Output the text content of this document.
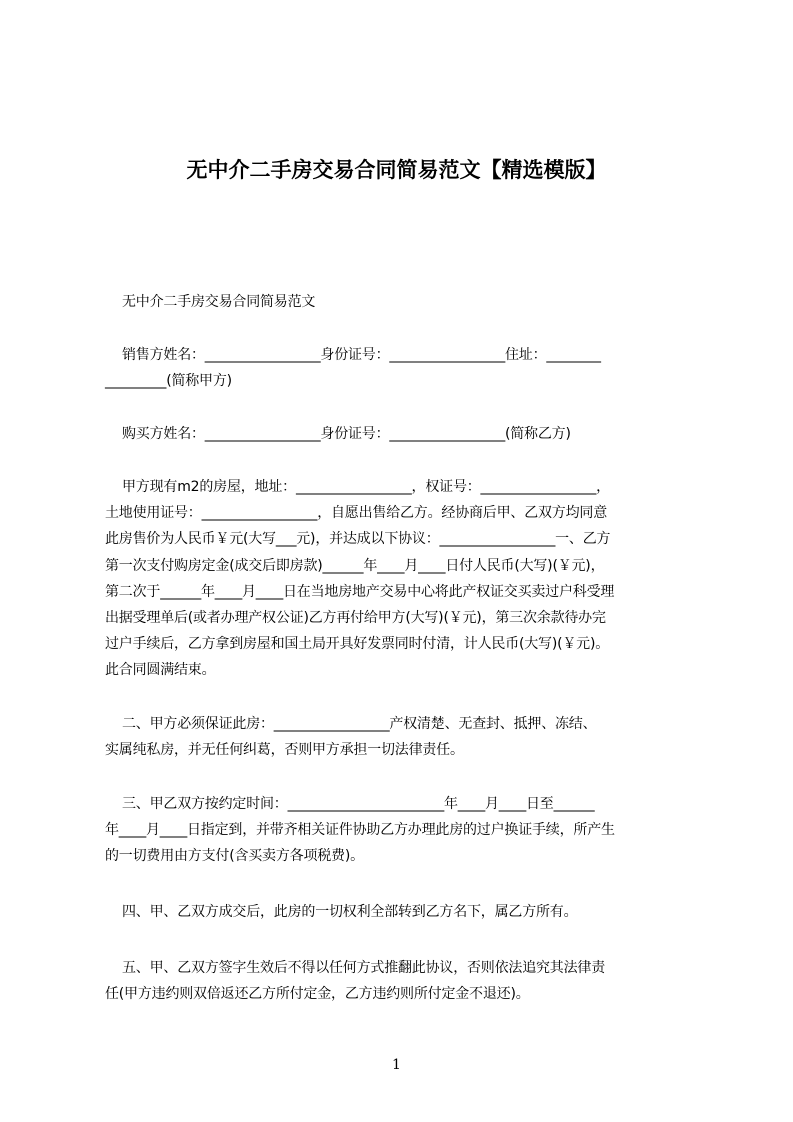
无中介二手房交易合同简易范文【精选模版】

无中介二手房交易合同简易范文

销售方姓名：_________________身份证号：_________________住址：________
_________(简称甲方)

购买方姓名：_________________身份证号：_________________(简称乙方)

甲方现有m2的房屋，地址：_________________，权证号：_________________，
土地使用证号：_________________，自愿出售给乙方。经协商后甲、乙双方均同意
此房售价为人民币￥元(大写___元)，并达成以下协议：_________________一、乙方
第一次支付购房定金(成交后即房款)______年____月____日付人民币(大写)(￥元)，
第二次于______年____月____日在当地房地产交易中心将此产权证交买卖过户科受理
出据受理单后(或者办理产权公证)乙方再付给甲方(大写)(￥元)，第三次余款待办完
过户手续后，乙方拿到房屋和国土局开具好发票同时付清，计人民币(大写)(￥元)。
此合同圆满结束。

二、甲方必须保证此房：_________________产权清楚、无查封、抵押、冻结、
实属纯私房，并无任何纠葛，否则甲方承担一切法律责任。

三、甲乙双方按约定时间：_______________________年____月____日至______
年____月____日指定到，并带齐相关证件协助乙方办理此房的过户换证手续，所产生
的一切费用由方支付(含买卖方各项税费)。

四、甲、乙双方成交后，此房的一切权利全部转到乙方名下，属乙方所有。

五、甲、乙双方签字生效后不得以任何方式推翻此协议，否则依法追究其法律责
任(甲方违约则双倍返还乙方所付定金，乙方违约则所付定金不退还)。

1
